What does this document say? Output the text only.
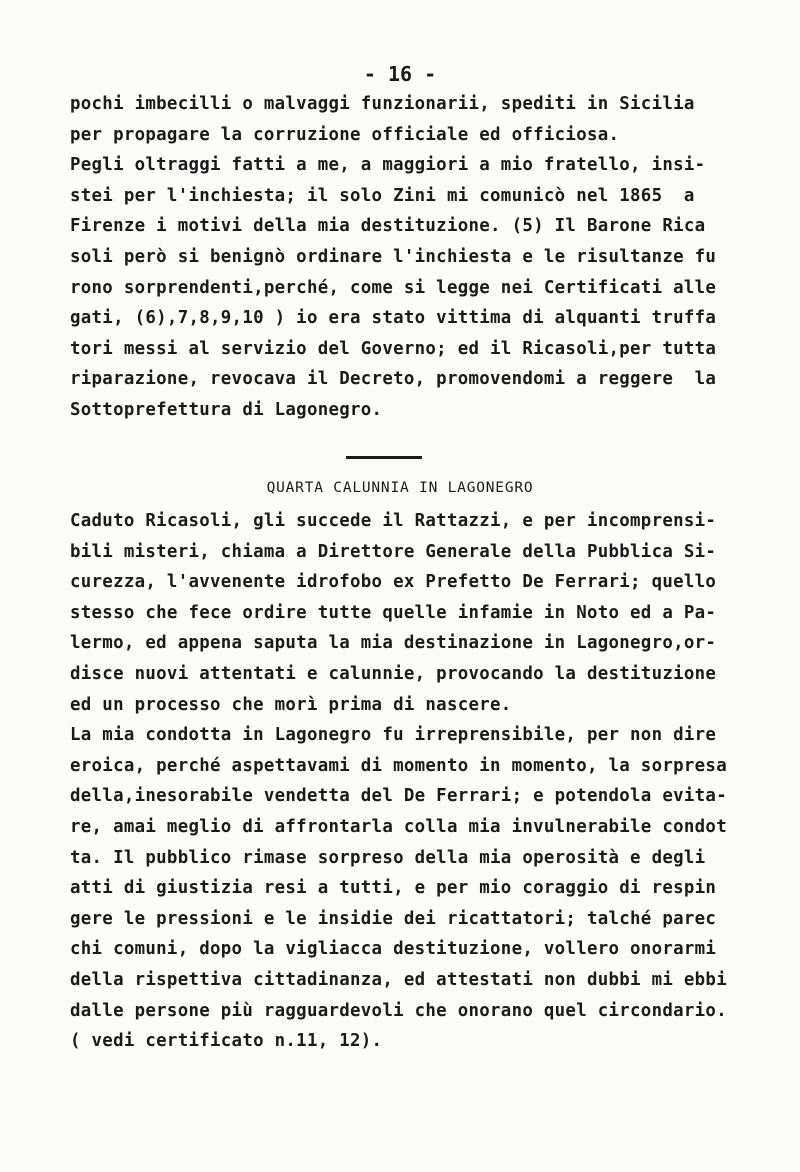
- 16 -
pochi imbecilli o malvaggi funzionarii, spediti in Sicilia
per propagare la corruzione officiale ed officiosa.
Pegli oltraggi fatti a me, a maggiori a mio fratello, insi-
stei per l'inchiesta; il solo Zini mi comunicò nel 1865  a
Firenze i motivi della mia destituzione. (5) Il Barone Rica
soli però si benignò ordinare l'inchiesta e le risultanze fu
rono sorprendenti,perché, come si legge nei Certificati alle
gati, (6),7,8,9,10 ) io era stato vittima di alquanti truffa
tori messi al servizio del Governo; ed il Ricasoli,per tutta
riparazione, revocava il Decreto, promovendomi a reggere  la
Sottoprefettura di Lagonegro.
QUARTA CALUNNIA IN LAGONEGRO
Caduto Ricasoli, gli succede il Rattazzi, e per incomprensi-
bili misteri, chiama a Direttore Generale della Pubblica Si-
curezza, l'avvenente idrofobo ex Prefetto De Ferrari; quello
stesso che fece ordire tutte quelle infamie in Noto ed a Pa-
lermo, ed appena saputa la mia destinazione in Lagonegro,or-
disce nuovi attentati e calunnie, provocando la destituzione
ed un processo che morì prima di nascere.
La mia condotta in Lagonegro fu irreprensibile, per non dire
eroica, perché aspettavami di momento in momento, la sorpresa
della,inesorabile vendetta del De Ferrari; e potendola evita-
re, amai meglio di affrontarla colla mia invulnerabile condot
ta. Il pubblico rimase sorpreso della mia operosità e degli
atti di giustizia resi a tutti, e per mio coraggio di respin
gere le pressioni e le insidie dei ricattatori; talché parec
chi comuni, dopo la vigliacca destituzione, vollero onorarmi
della rispettiva cittadinanza, ed attestati non dubbi mi ebbi
dalle persone più ragguardevoli che onorano quel circondario.
( vedi certificato n.11, 12).
